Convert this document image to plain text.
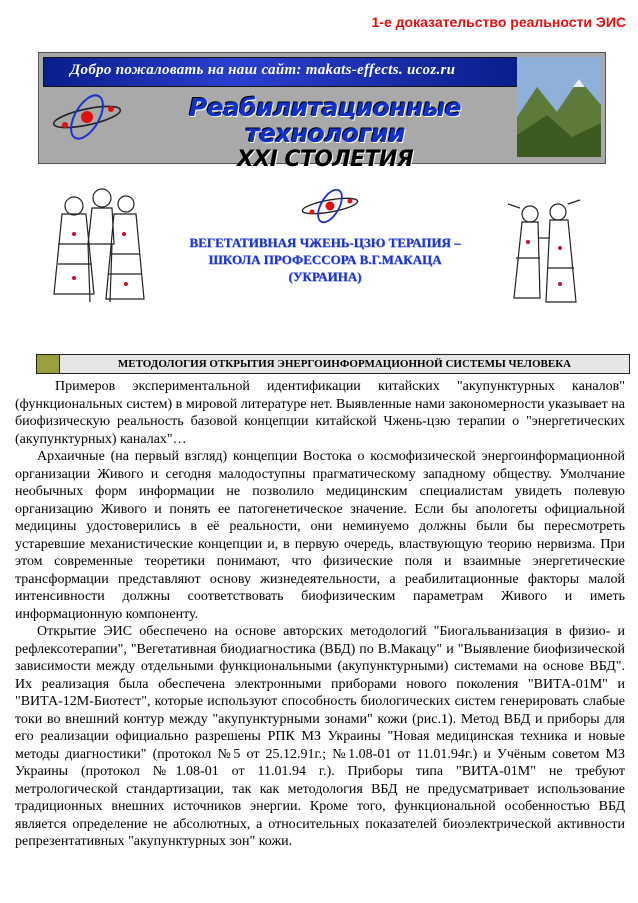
1-е доказательство реальности ЭИС
Добро пожаловать на наш сайт: makats-effects. ucoz.ru
Реабилитационные технологии
XXI СТОЛЕТИЯ
ВЕГЕТАТИВНАЯ ЧЖЕНЬ-ЦЗЮ ТЕРАПИЯ –
ШКОЛА ПРОФЕССОРА В.Г.МАКАЦА
(УКРАИНА)
МЕТОДОЛОГИЯ ОТКРЫТИЯ ЭНЕРГОИНФОРМАЦИОННОЙ СИСТЕМЫ ЧЕЛОВЕКА

Примеров экспериментальной идентификации китайских "акупунктурных каналов" (функциональных систем) в мировой литературе нет. Выявленные нами закономерности указывает на биофизическую реальность базовой концепции китайской Чжень-цзю терапии о "энергетических (акупунктурных) каналах"…

Архаичные (на первый взгляд) концепции Востока о космофизической энергоинформационной организации Живого и сегодня малодоступны прагматическому западному обществу. Умолчание необычных форм информации не позволило медицинским специалистам увидеть полевую организацию Живого и понять ее патогенетическое значение. Если бы апологеты официальной медицины удостоверились в её реальности, они неминуемо должны были бы пересмотреть устаревшие механистические концепции и, в первую очередь, властвующую теорию нервизма. При этом современные теоретики понимают, что физические поля и взаимные энергетические трансформации представляют основу жизнедеятельности, а реабилитационные факторы малой интенсивности должны соответствовать биофизическим параметрам Живого и иметь информационную компоненту.

Открытие ЭИС обеспечено на основе авторских методологий "Биогальванизация в физио- и рефлексотерапии", "Вегетативная биодиагностика (ВБД) по В.Макацу" и "Выявление биофизической зависимости между отдельными функциональными (акупунктурными) системами на основе ВБД". Их реализация была обеспечена электронными приборами нового поколения "ВИТА-01М" и "ВИТА-12М-Биотест", которые используют способность биологических систем генерировать слабые токи во внешний контур между "акупунктурными зонами" кожи (рис.1). Метод ВБД и приборы для его реализации официально разрешены РПК МЗ Украины "Новая медицинская техника и новые методы диагностики" (протокол №5 от 25.12.91г.; №1.08-01 от 11.01.94г.) и Учёным советом МЗ Украины (протокол №1.08-01 от 11.01.94 г.). Приборы типа "ВИТА-01М" не требуют метрологической стандартизации, так как методология ВБД не предусматривает использование традиционных внешних источников энергии. Кроме того, функциональной особенностью ВБД является определение не абсолютных, а относительных показателей биоэлектрической активности репрезентативных "акупунктурных зон" кожи.
